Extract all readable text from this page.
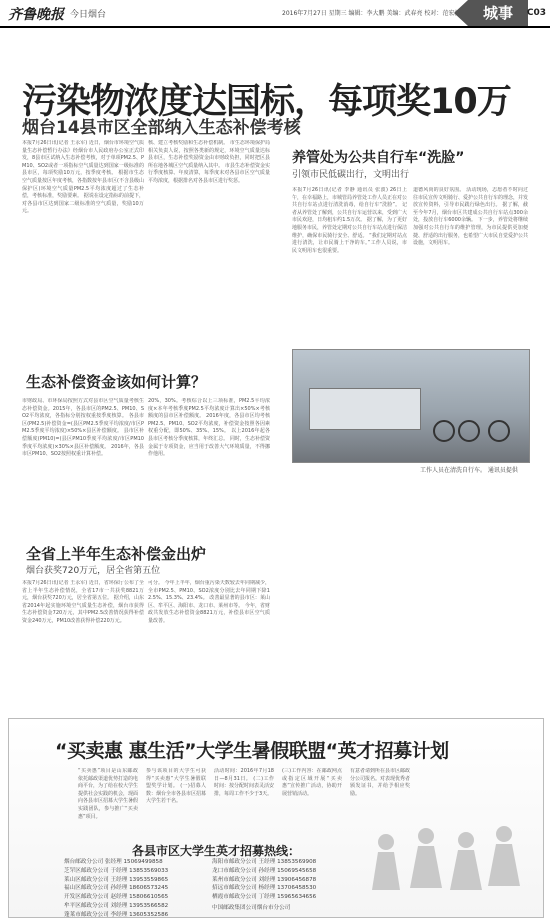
齐鲁晚报 今日烟台	2016年7月27日 星期三 编辑：李大鹏 美编：武春亮 校对：范宏新	城事	C03
污染物浓度达国标，每项奖10万
烟台14县市区全部纳入生态补偿考核
本报7月26日讯(记者 王永军) 近日，烟台市环境空气质量生态补偿暂行办法》经烟台市人民政府办公室正式印发，8县市区试纳入生态补偿考核，对于单项PM2.5、PM10、SO2或者一项指标空气质量达到国家一级标准的县市区，每项奖励10万元，按季度考核。 根据市生态空气质量按区年度考核，各指数按年县市区(不含县级山保护区)环境空气质量PM2.5平均浓度超过了生态补偿，考核标准，奖励要素。 据说在设定指标的前提下，对各县市区达到国家二级标准的空气质量，奖励10万元。
核、建立考核奖励和生态补偿机制。 市生态环境保护局相关负责人说，按照各类新的规定，环境空气质量达标县市区，生态补偿奖励资金由市财政负担，同时把区县所在地各城区空气质量纳入其中。 市县生态补偿资金实行季度核算、年度清算，每季度末对各县市区空气质量平均浓度，根据排名对各县市区进行奖惩。
生态补偿资金该如何计算？
市财政局、市环保局按照方式对县市区空气质量考核生态补偿资金。2015年，各县市区的PM2.5、PM10、SO2平均浓度，各指标分别按权重按季度核算。 各县市区(PM2.5)补偿资金=(县区PM2.5季度平均浓度/市区PM2.5季度平均浓度)×50%×县区补偿额度。 县市区补偿额度(PM10)=(县区PM10季度平均浓度/市区PM10季度平均浓度)×30%×县区补偿额度。 2016年，各县市区PM10、SO2按照权重计算补偿。
20%，30%。考核综合以上三项标准，PM2.5平均浓度×本年考核季度PM2.5平均浓度计算出×50%×考核额度的县市区补偿额度。 2016年度，各县市区均考核PM2.5、PM10、SO2平均浓度，补偿资金按照各因素权重分配，即50%、35%、15%。 以上2016年起各县市区考核分季度核算，年终汇总。 同时，生态补偿资金属于专项资金，应当用于改善大气环境质量，不得挪作他用。
全省上半年生态补偿金出炉
烟台获奖720万元，居全省第五位
本报7月26日讯(记者 王永军) 近日，省环保厅公布了全省上半年生态补偿情况，全省17市一共获奖8821万元，烟台获奖720万元，居全省第五位。 据介绍，山东省2014年起实施环境空气质量生态补偿，烟台市获得生态补偿资金720万元，其中PM2.5改善情况获得补偿资金240万元，PM10改善获得补偿220万元。
可分。 今年上半年，烟台重污染天数较去年同期减少，全市PM2.5、PM10、SO2浓度分别比去年同期下降12.5%、15.3%、23.4%。 改善最显著的县市区：莱山区、牟平区、海阳市、龙口市、莱州市等。 今年，省财政共发放生态补偿资金8821万元，补偿县市区空气质量改善。
养管处为公共自行车“洗脸”
引领市民低碳出行，文明出行
本报7月26日讯(记者 李静 通讯员 张波) 26日上午，在幸福路上，市城管局养管处工作人员正在对公共自行车站点进行清洗消毒，给自行车“洗脸”。 记者从养管处了解到，公共自行车运营以来，受到广大市民欢迎，日均租车约1.5万次。 据了解，为了更好地服务市民，养管处定期对公共自行车站点进行保洁维护，确保市民骑行安全、舒适。 “我们定期对站点进行清洗，让市民骑上干净的车。”工作人员说，市民文明用车也很重要。
道德风尚的良好氛围。 活动现场，志愿者不时向过往市民宣传文明骑行、爱护公共自行车的理念，并发放宣传资料，引导市民践行绿色出行。 据了解，截至今年7月，烟台市区共建成公共自行车站点300余处，投放自行车6000余辆。 下一步，养管处将继续加强对公共自行车的维护管理，为市民提供更加便捷、舒适的出行服务，也希望广大市民自觉爱护公共设施，文明用车。
工作人员在清洗自行车。 通讯员提供
“买卖惠 惠生活”大学生暑假联盟“英才招募计划
“买卖惠”项目是山东邮政依托邮政渠道优势打造的电商平台，为了给在校大学生提供社会实践的机会，现面向各县市区招募大学生暑假实践团队，参与推广“买卖惠”项目。
参与该项目的大学生可获得“买卖惠”大学生暑假联盟奖学计划。 (一)招募人数：烟台全市各县市区招募大学生若干名。
活动时间：2016年7月18日—8月31日。 (二)工作时间：按分配时间表灵活安排，每周工作不少于3天。
(三)工作内容：在邮政网点或指定区域开展“买卖惠”宣传推广活动，协助开展营销活动。
有意者请到所在县市区邮政分公司报名。对表现优秀者颁发证书，并给予相应奖励。
各县市区大学生英才招募热线：
烟台邮政分公司 张经理 15069499858
芝罘区邮政分公司 于经理 13853569033
莱山区邮政分公司 王经理 13953559865
福山区邮政分公司 孙经理 18606573245
开发区邮政分公司 赵经理 15806610565
牟平区邮政分公司 刘经理 13953566582
蓬莱市邮政分公司 李经理 13605352586
海阳市邮政分公司 王经理 13853569908
龙口市邮政分公司 孙经理 15069545658
莱州市邮政分公司 刘经理 13906456878
招远市邮政分公司 杨经理 13706458530
栖霞市邮政分公司 丁经理 15965634656
中国邮政集团公司烟台市分公司
